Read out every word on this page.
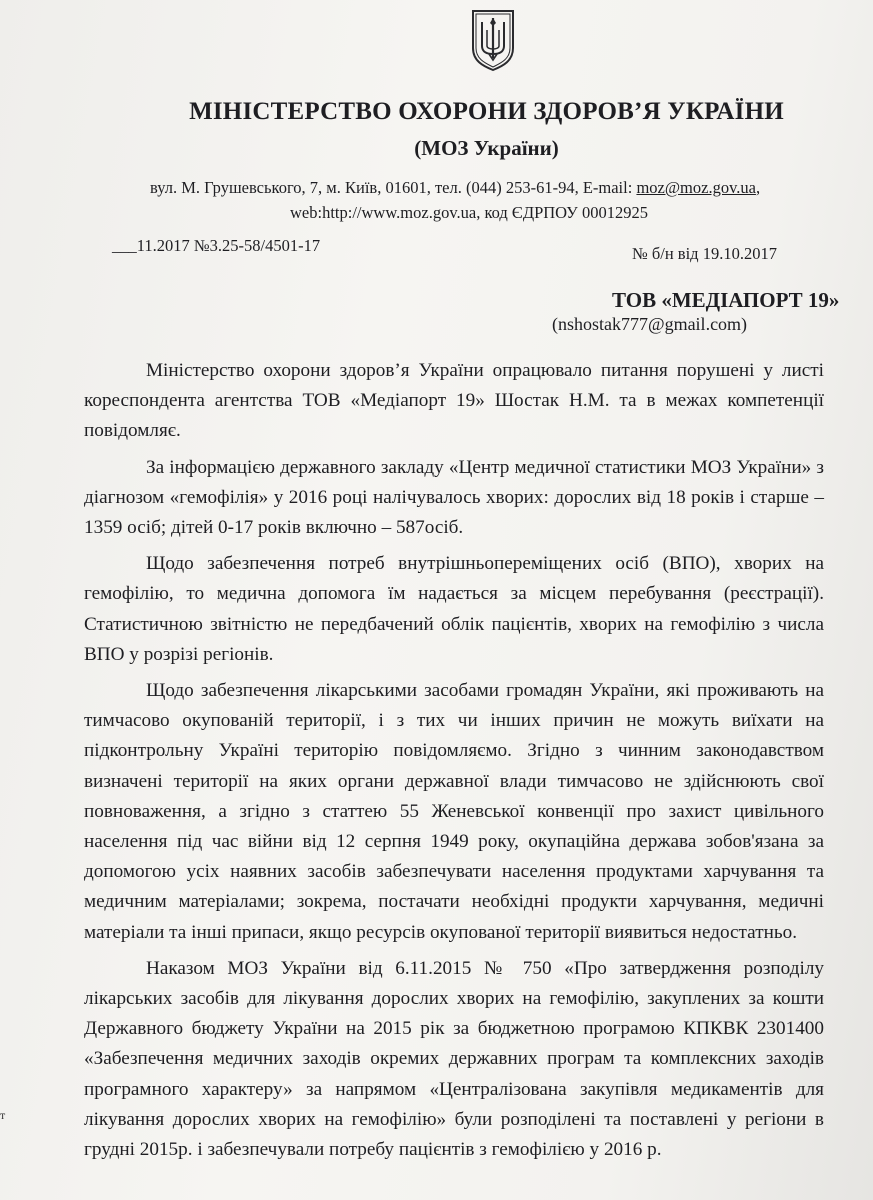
МІНІСТЕРСТВО ОХОРОНИ ЗДОРОВ’Я УКРАЇНИ
(МОЗ України)
вул. М. Грушевського, 7, м. Київ, 01601, тел. (044) 253-61-94, E-mail: moz@moz.gov.ua,
web:http://www.moz.gov.ua, код ЄДРПОУ 00012925
___11.2017 №3.25-58/4501-17	№ б/н від 19.10.2017
ТОВ «МЕДІАПОРТ 19»
(nshostak777@gmail.com)

Міністерство охорони здоров’я України опрацювало питання порушені у листі кореспондента агентства ТОВ «Медіапорт 19» Шостак Н.М. та в межах компетенції повідомляє.

За інформацією державного закладу «Центр медичної статистики МОЗ України» з діагнозом «гемофілія» у 2016 році налічувалось хворих: дорослих від 18 років і старше – 1359 осіб; дітей 0-17 років включно – 587осіб.

Щодо забезпечення потреб внутрішньопереміщених осіб (ВПО), хворих на гемофілію, то медична допомога їм надається за місцем перебування (реєстрації). Статистичною звітністю не передбачений облік пацієнтів, хворих на гемофілію з числа ВПО у розрізі регіонів.

Щодо забезпечення лікарськими засобами громадян України, які проживають на тимчасово окупованій території, і з тих чи інших причин не можуть виїхати на підконтрольну Україні територію повідомляємо. Згідно з чинним законодавством визначені території на яких органи державної влади тимчасово не здійснюють свої повноваження, а згідно з статтею 55 Женевської конвенції про захист цивільного населення під час війни від 12 серпня 1949 року, окупаційна держава зобов'язана за допомогою усіх наявних засобів забезпечувати населення продуктами харчування та медичним матеріалами; зокрема, постачати необхідні продукти харчування, медичні матеріали та інші припаси, якщо ресурсів окупованої території виявиться недостатньо.

Наказом МОЗ України від 6.11.2015 № 750 «Про затвердження розподілу лікарських засобів для лікування дорослих хворих на гемофілію, закуплених за кошти Державного бюджету України на 2015 рік за бюджетною програмою КПКВК 2301400 «Забезпечення медичних заходів окремих державних програм та комплексних заходів програмного характеру» за напрямом «Централізована закупівля медикаментів для лікування дорослих хворих на гемофілію» були розподілені та поставлені у регіони в грудні 2015р. і забезпечували потребу пацієнтів з гемофілією у 2016 р.

т
